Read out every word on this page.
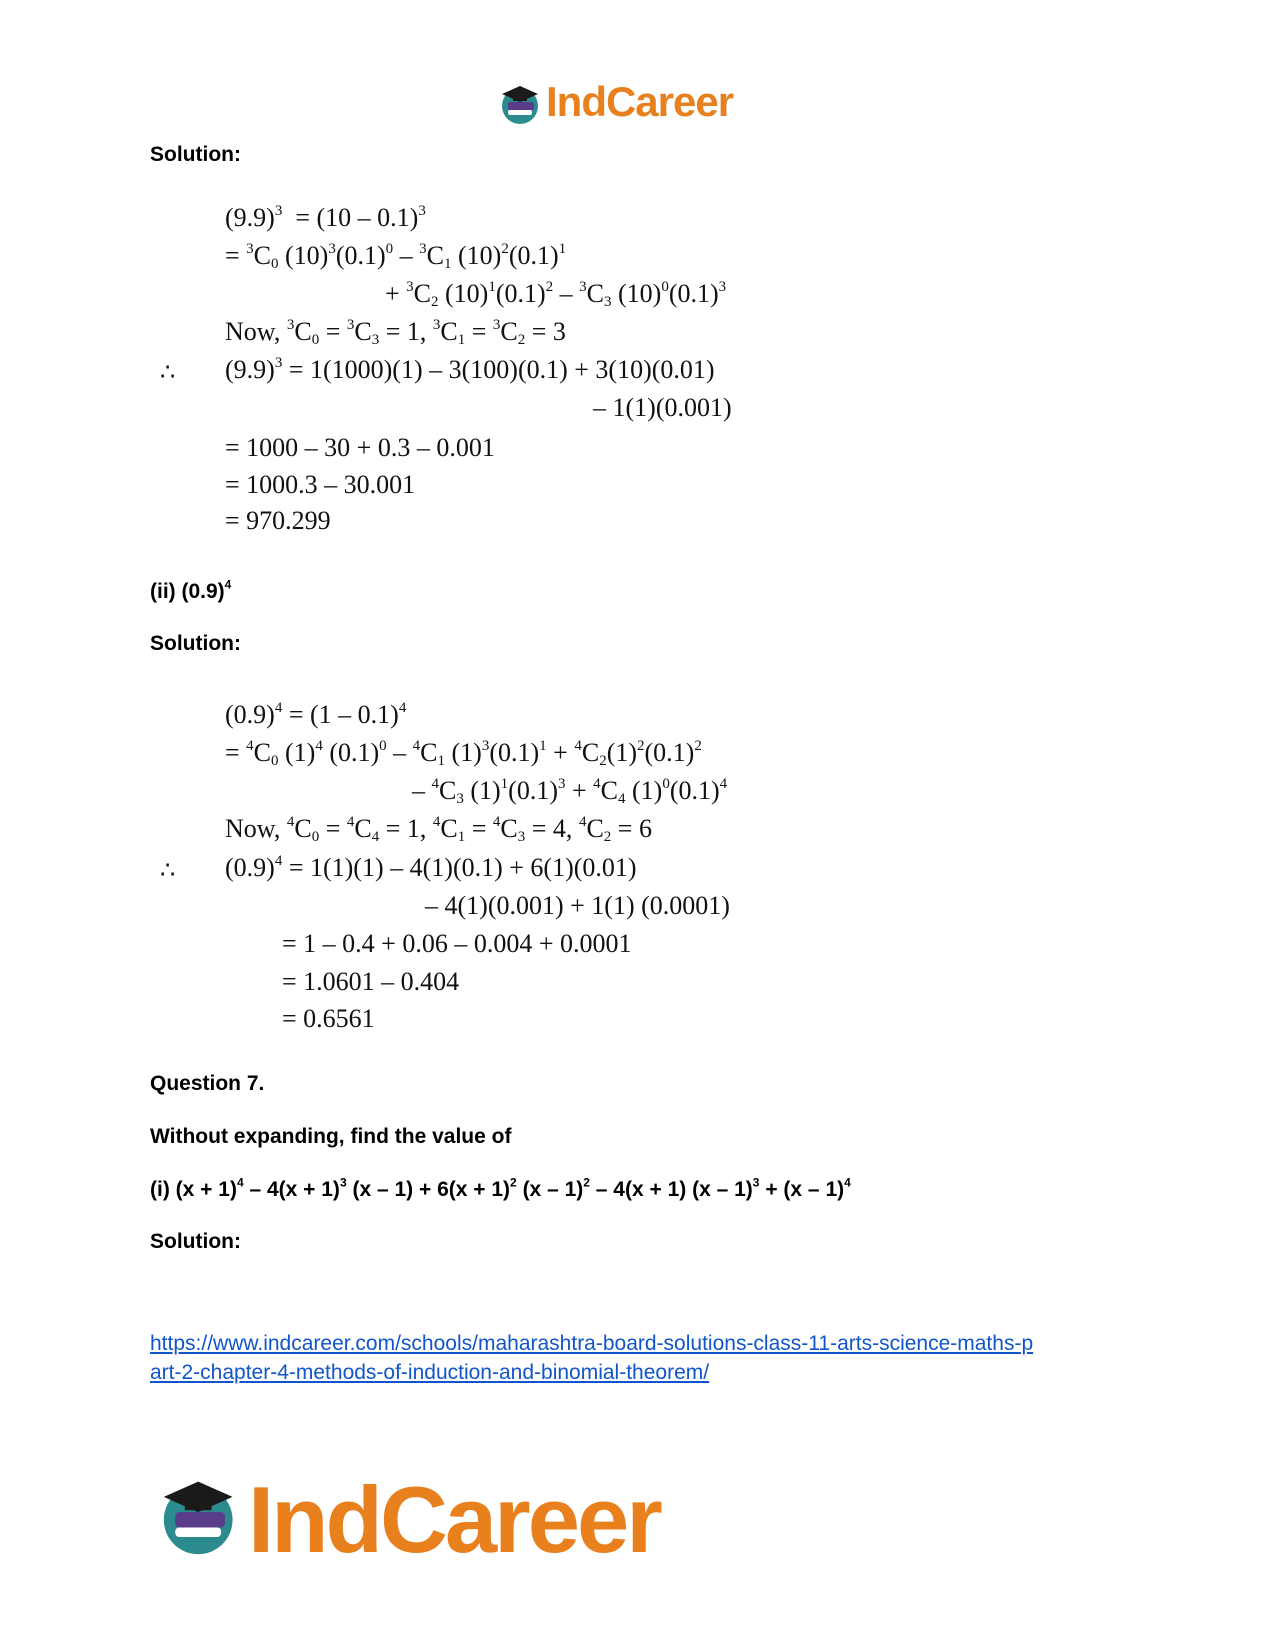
IndCareer
Solution:
$(9.9)^3 = (10 - 0.1)^3$
= $^3C_0$ $(10)^3(0.1)^0 - ^3C_1$ $(10)^2(0.1)^1$
+ $^3C_2$ $(10)^1(0.1)^2 - ^3C_3$ $(10)^0(0.1)^3$
Now, $^3C_0 = ^3C_3 = 1$, $^3C_1 = ^3C_2 = 3$
∴ $(9.9)^3 = 1(1000)(1) - 3(100)(0.1) + 3(10)(0.01)$
– 1(1)(0.001)
= 1000 – 30 + 0.3 – 0.001
= 1000.3 – 30.001
= 970.299
(ii) $(0.9)^4$
Solution:
$(0.9)^4 = (1 - 0.1)^4$
= $^4C_0$ $(1)^4$ $(0.1)^0 - ^4C_1$ $(1)^3(0.1)^1 + ^4C_2(1)^2(0.1)^2$
– $^4C_3$ $(1)^1(0.1)^3 + ^4C_4$ $(1)^0(0.1)^4$
Now, $^4C_0 = ^4C_4 = 1$, $^4C_1 = ^4C_3 = 4$, $^4C_2 = 6$
∴ $(0.9)^4 = 1(1)(1) - 4(1)(0.1) + 6(1)(0.01)$
– 4(1)(0.001) + 1(1) (0.0001)
= 1 – 0.4 + 0.06 – 0.004 + 0.0001
= 1.0601 – 0.404
= 0.6561
Question 7.
Without expanding, find the value of
(i) $(x + 1)^4 - 4(x + 1)^3$ $(x - 1) + 6(x + 1)^2$ (x – 1)$^2$ – 4(x + 1) (x – 1)$^3$ + (x – 1)$^4$
Solution:
https://www.indcareer.com/schools/maharashtra-board-solutions-class-11-arts-science-maths-p
art-2-chapter-4-methods-of-induction-and-binomial-theorem/
IndCareer
